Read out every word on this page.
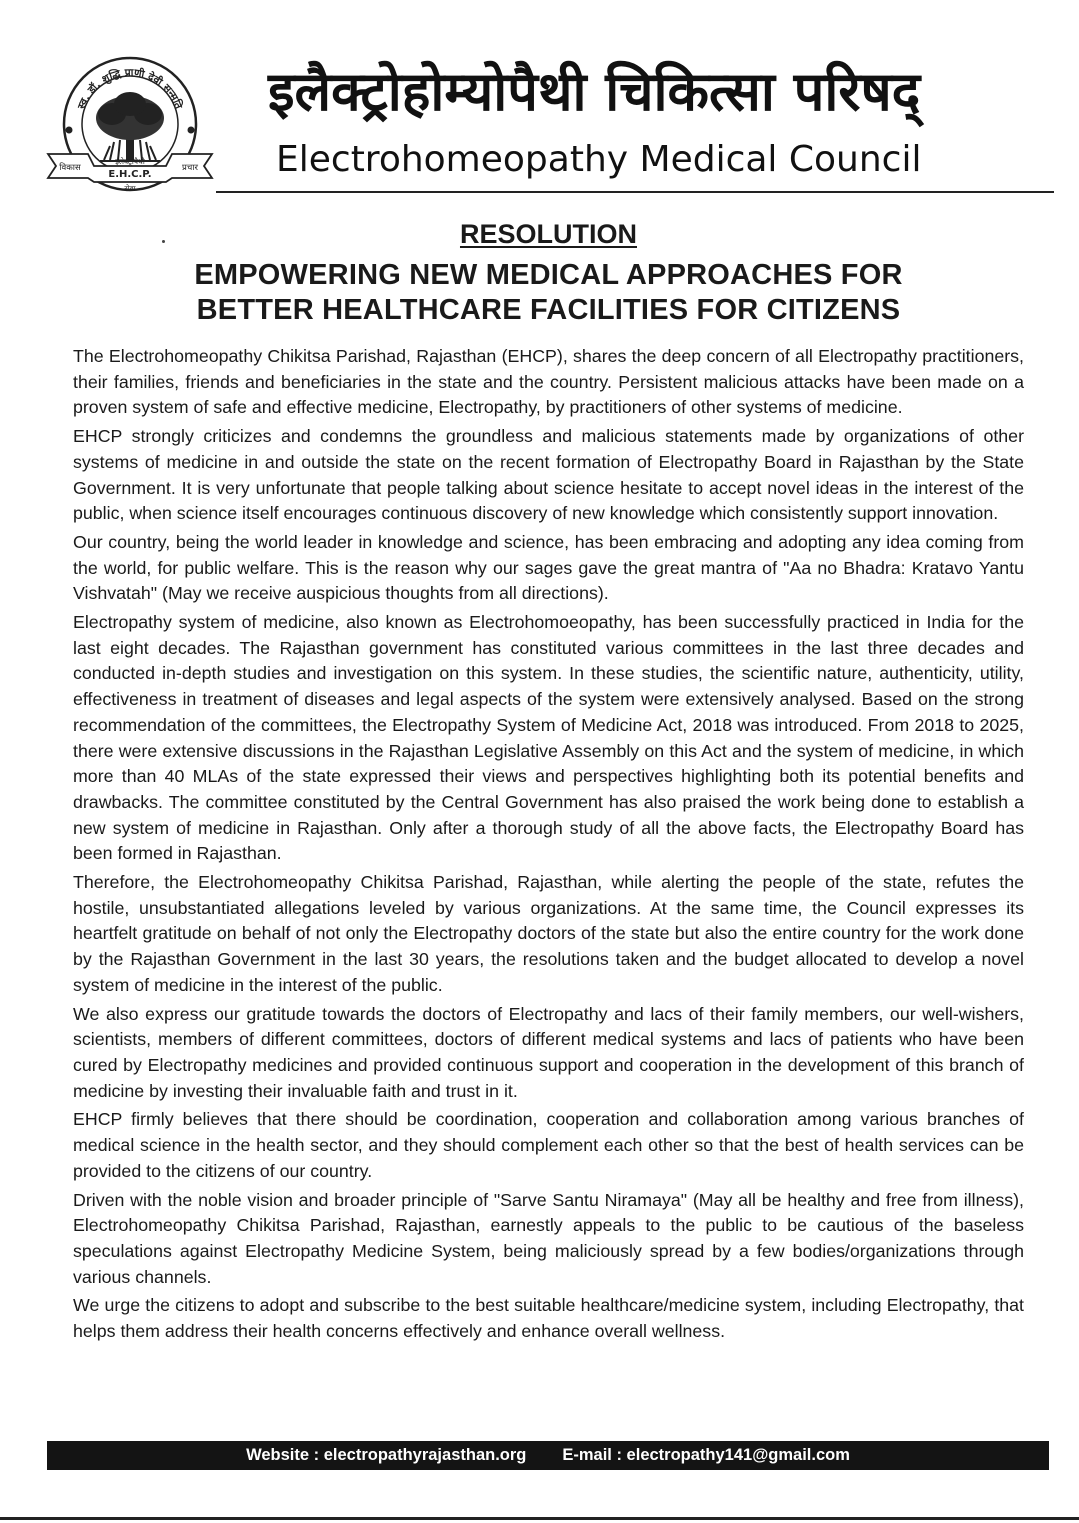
स्व. डॉ. शुद्धि प्राणी देवी सन्मति
विकास	प्रचार
इलेक्ट्रोपैथी
E.H.C.P.
सेवा
इलैक्ट्रोहोम्योपैथी चिकित्सा परिषद्
Electrohomeopathy Medical Council
RESOLUTION
EMPOWERING NEW MEDICAL APPROACHES FOR
BETTER HEALTHCARE FACILITIES FOR CITIZENS

The Electrohomeopathy Chikitsa Parishad, Rajasthan (EHCP), shares the deep concern of all Electropathy practitioners, their families, friends and beneficiaries in the state and the country. Persistent malicious attacks have been made on a proven system of safe and effective medicine, Electropathy, by practitioners of other systems of medicine.

EHCP strongly criticizes and condemns the groundless and malicious statements made by organizations of other systems of medicine in and outside the state on the recent formation of Electropathy Board in Rajasthan by the State Government. It is very unfortunate that people talking about science hesitate to accept novel ideas in the interest of the public, when science itself encourages continuous discovery of new knowledge which consistently support innovation.

Our country, being the world leader in knowledge and science, has been embracing and adopting any idea coming from the world, for public welfare. This is the reason why our sages gave the great mantra of "Aa no Bhadra: Kratavo Yantu Vishvatah" (May we receive auspicious thoughts from all directions).

Electropathy system of medicine, also known as Electrohomoeopathy, has been successfully practiced in India for the last eight decades. The Rajasthan government has constituted various committees in the last three decades and conducted in-depth studies and investigation on this system. In these studies, the scientific nature, authenticity, utility, effectiveness in treatment of diseases and legal aspects of the system were extensively analysed. Based on the strong recommendation of the committees, the Electropathy System of Medicine Act, 2018 was introduced. From 2018 to 2025, there were extensive discussions in the Rajasthan Legislative Assembly on this Act and the system of medicine, in which more than 40 MLAs of the state expressed their views and perspectives highlighting both its potential benefits and drawbacks. The committee constituted by the Central Government has also praised the work being done to establish a new system of medicine in Rajasthan. Only after a thorough study of all the above facts, the Electropathy Board has been formed in Rajasthan.

Therefore, the Electrohomeopathy Chikitsa Parishad, Rajasthan, while alerting the people of the state, refutes the hostile, unsubstantiated allegations leveled by various organizations. At the same time, the Council expresses its heartfelt gratitude on behalf of not only the Electropathy doctors of the state but also the entire country for the work done by the Rajasthan Government in the last 30 years, the resolutions taken and the budget allocated to develop a novel system of medicine in the interest of the public.

We also express our gratitude towards the doctors of Electropathy and lacs of their family members, our well-wishers, scientists, members of different committees, doctors of different medical systems and lacs of patients who have been cured by Electropathy medicines and provided continuous support and cooperation in the development of this branch of medicine by investing their invaluable faith and trust in it.

EHCP firmly believes that there should be coordination, cooperation and collaboration among various branches of medical science in the health sector, and they should complement each other so that the best of health services can be provided to the citizens of our country.

Driven with the noble vision and broader principle of "Sarve Santu Niramaya" (May all be healthy and free from illness), Electrohomeopathy Chikitsa Parishad, Rajasthan, earnestly appeals to the public to be cautious of the baseless speculations against Electropathy Medicine System, being maliciously spread by a few bodies/organizations through various channels.

We urge the citizens to adopt and subscribe to the best suitable healthcare/medicine system, including Electropathy, that helps them address their health concerns effectively and enhance overall wellness.

Website : electropathyrajasthan.org E-mail : electropathy141@gmail.com
